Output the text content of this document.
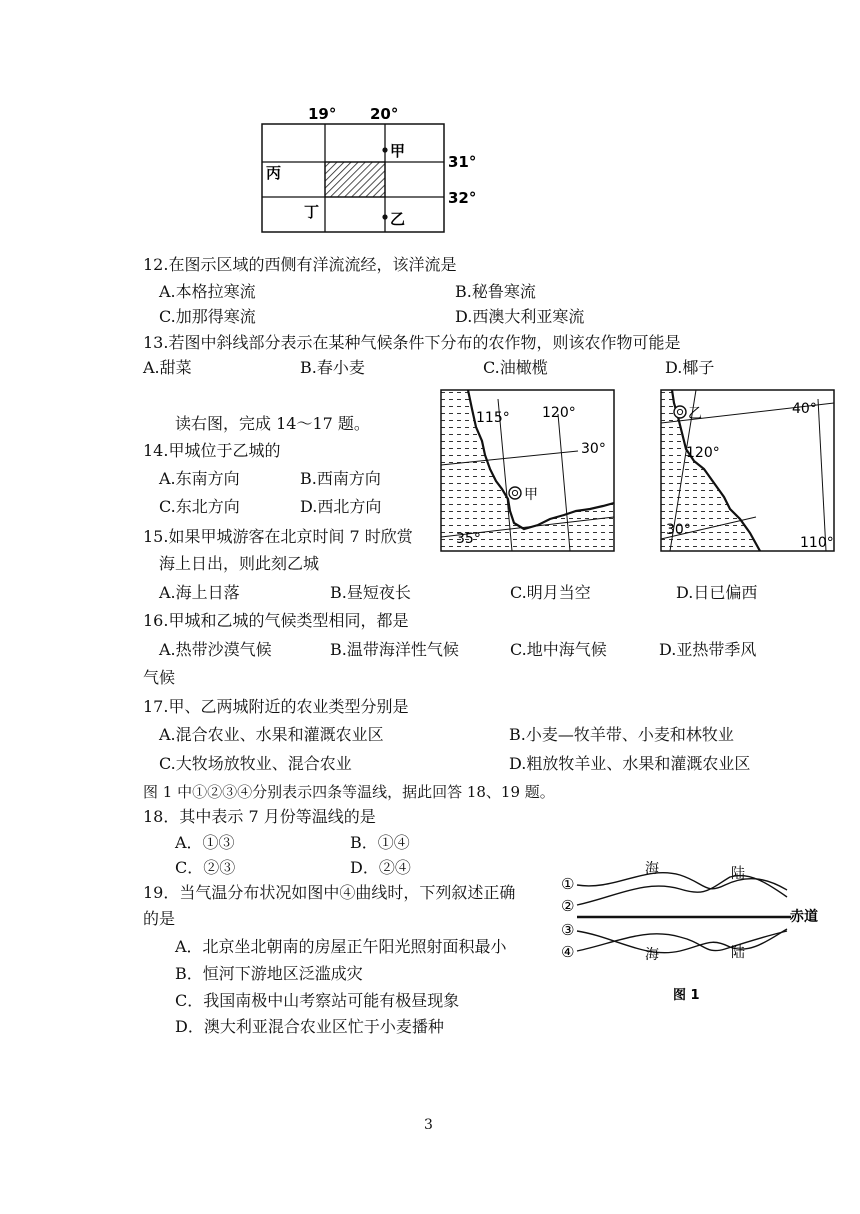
19° 20°
31°
32°
甲
乙
丙
丁
12.在图示区域的西侧有洋流流经，该洋流是
A.本格拉寒流	B.秘鲁寒流
C.加那得寒流	D.西澳大利亚寒流
13.若图中斜线部分表示在某种气候条件下分布的农作物，则该农作物可能是
A.甜菜	B.春小麦	C.油橄榄	D.椰子
115° 120°
30°
35°
甲
乙
120°
110°
40°
30°
读右图，完成 14～17 题。
14.甲城位于乙城的
A.东南方向	B.西南方向
C.东北方向	D.西北方向
15.如果甲城游客在北京时间 7 时欣赏
海上日出，则此刻乙城
A.海上日落	B.昼短夜长	C.明月当空	D.日已偏西
16.甲城和乙城的气候类型相同，都是
A.热带沙漠气候	B.温带海洋性气候	C.地中海气候	D.亚热带季风
气候
17.甲、乙两城附近的农业类型分别是
A.混合农业、水果和灌溉农业区	B.小麦—牧羊带、小麦和林牧业
C.大牧场放牧业、混合农业	D.粗放牧羊业、水果和灌溉农业区
图 1 中①②③④分别表示四条等温线，据此回答 18、19 题。
18．其中表示 7 月份等温线的是
A．①③	B．①④
C．②③	D．②④	海	陆
①
②
③
④
赤道
海	陆
图 1
19．当气温分布状况如图中④曲线时，下列叙述正确
的是
A．北京坐北朝南的房屋正午阳光照射面积最小
B．恒河下游地区泛滥成灾
C．我国南极中山考察站可能有极昼现象
D．澳大利亚混合农业区忙于小麦播种
3
